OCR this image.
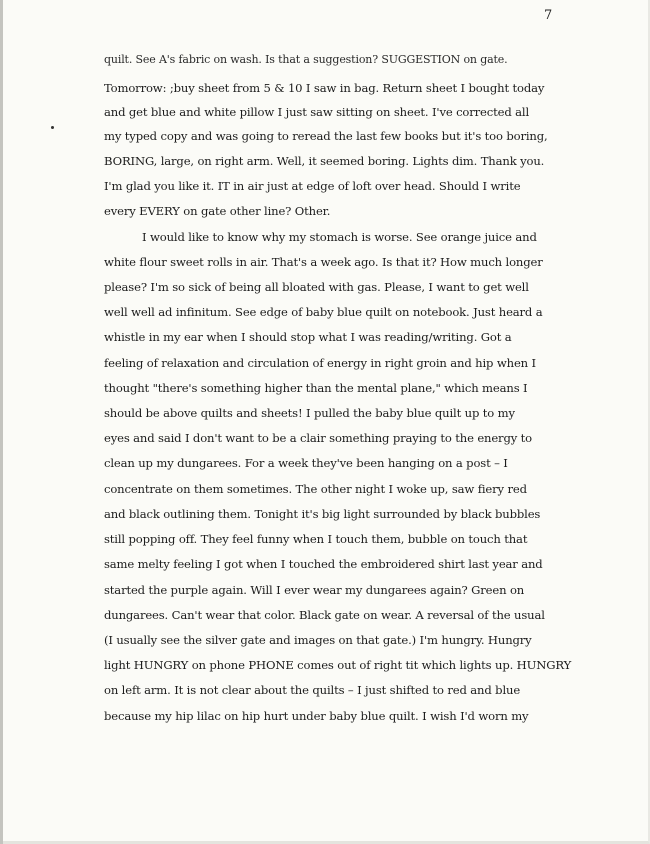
7
quilt. See A's fabric on wash. Is that a suggestion? SUGGESTION on gate.
Tomorrow: ;buy sheet from 5 & 10 I saw in bag. Return sheet I bought today
and get blue and white pillow I just saw sitting on sheet. I've corrected all
my typed copy and was going to reread the last few books but it's too boring,
BORING, large, on right arm. Well, it seemed boring. Lights dim. Thank you.
I'm glad you like it. IT in air just at edge of loft over head. Should I write
every EVERY on gate other line? Other.
I would like to know why my stomach is worse. See orange juice and
white flour sweet rolls in air. That's a week ago. Is that it? How much longer
please? I'm so sick of being all bloated with gas. Please, I want to get well
well well ad infinitum. See edge of baby blue quilt on notebook. Just heard a
whistle in my ear when I should stop what I was reading/writing. Got a
feeling of relaxation and circulation of energy in right groin and hip when I
thought "there's something higher than the mental plane," which means I
should be above quilts and sheets! I pulled the baby blue quilt up to my
eyes and said I don't want to be a clair something praying to the energy to
clean up my dungarees. For a week they've been hanging on a post – I
concentrate on them sometimes. The other night I woke up, saw fiery red
and black outlining them. Tonight it's big light surrounded by black bubbles
still popping off. They feel funny when I touch them, bubble on touch that
same melty feeling I got when I touched the embroidered shirt last year and
started the purple again. Will I ever wear my dungarees again? Green on
dungarees. Can't wear that color. Black gate on wear. A reversal of the usual
(I usually see the silver gate and images on that gate.) I'm hungry. Hungry
light HUNGRY on phone PHONE comes out of right tit which lights up. HUNGRY
on left arm. It is not clear about the quilts – I just shifted to red and blue
because my hip lilac on hip hurt under baby blue quilt. I wish I'd worn my
